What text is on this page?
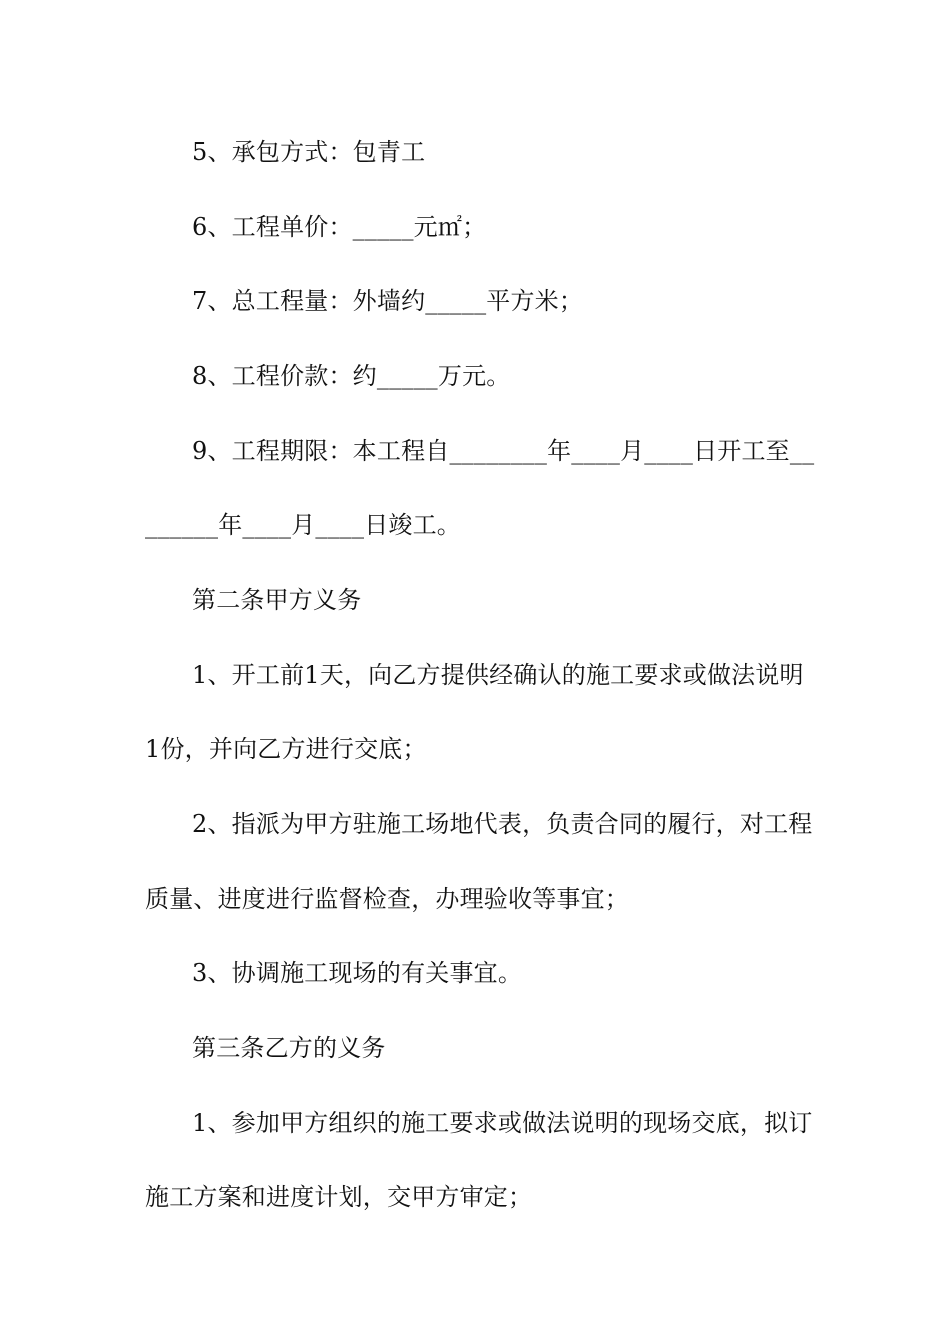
5、承包方式：包青工
6、工程单价：_____元㎡；
7、总工程量：外墙约_____平方米；
8、工程价款：约_____万元。
9、工程期限：本工程自________年____月____日开工至__
______年____月____日竣工。
第二条甲方义务
1、开工前1天，向乙方提供经确认的施工要求或做法说明
1份，并向乙方进行交底；
2、指派为甲方驻施工场地代表，负责合同的履行，对工程
质量、进度进行监督检查，办理验收等事宜；
3、协调施工现场的有关事宜。
第三条乙方的义务
1、参加甲方组织的施工要求或做法说明的现场交底，拟订
施工方案和进度计划，交甲方审定；
